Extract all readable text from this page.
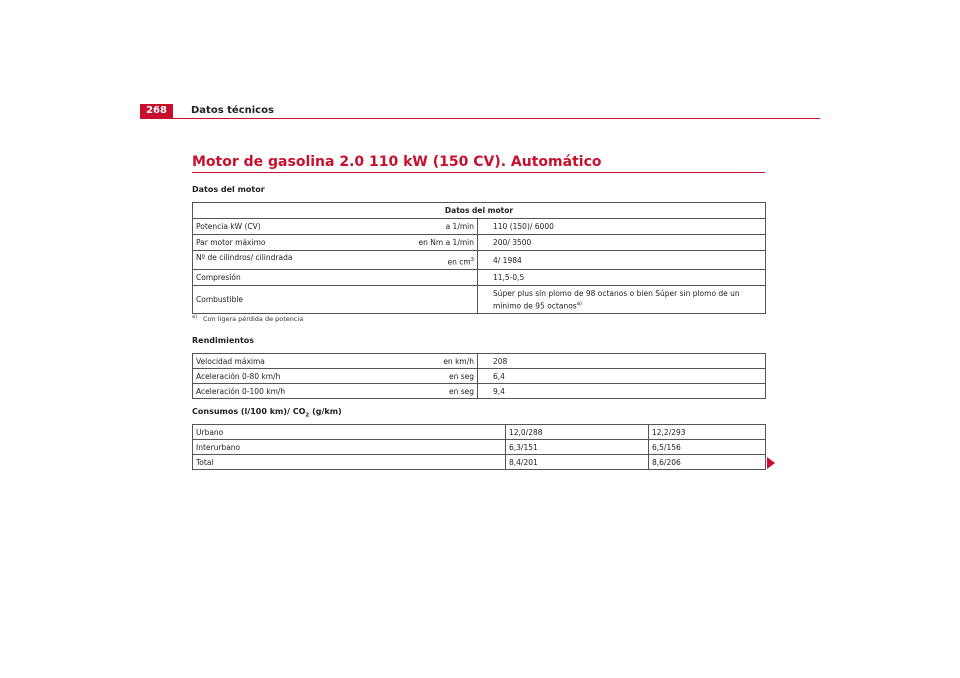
268	Datos técnicos
Motor de gasolina 2.0 110 kW (150 CV). Automático
Datos del motor
Datos del motor	
Potencia kW (CV) a 1/min	110 (150)/ 6000
Par motor máximo en Nm a 1/min	200/ 3500
Nº de cilindros/ cilindrada en $cm^3$	4/ 1984
Compresión	11,5-0,5
Combustible	Súper plus sin plomo de 98 octanos o bien Súper sin plomo de un mínimo de 95 octanos$^{a)}$
$^{a)}$ Con ligera pérdida de potencia
Rendimientos
Velocidad máxima en km/h	208
Aceleración 0-80 km/h en seg	6,4
Aceleración 0-100 km/h en seg	9,4
Consumos (l/100 km)/ $CO_2$ (g/km)
Urbano	12,0/288	12,2/293
Interurbano	6,3/151	6,5/156
Total	8,4/201	8,6/206
